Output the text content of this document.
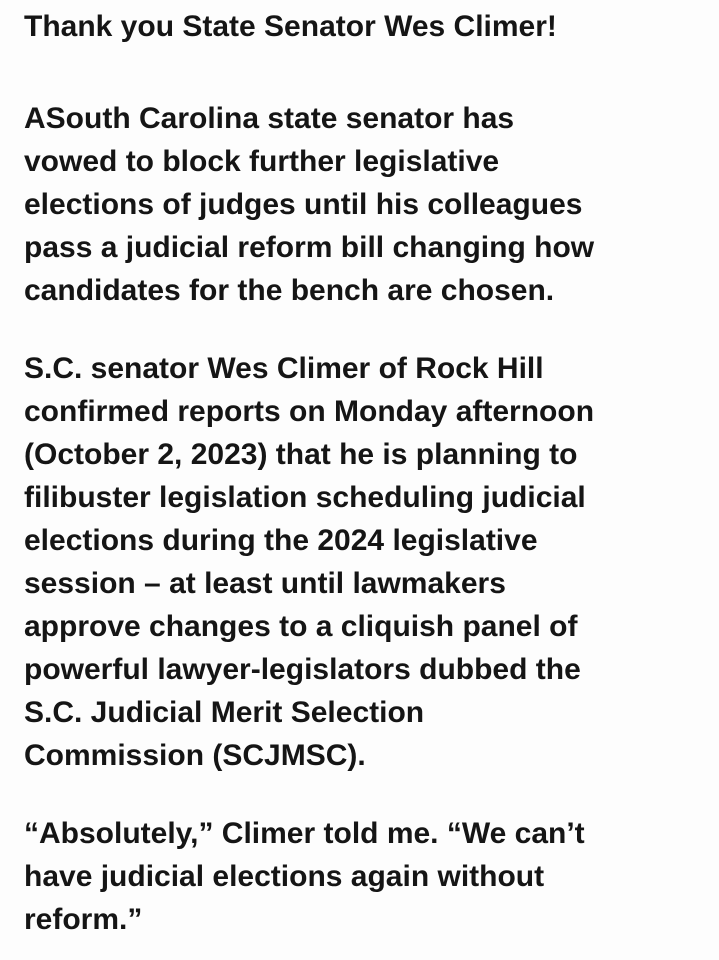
Thank you State Senator Wes Climer!

ASouth Carolina state senator has
vowed to block further legislative
elections of judges until his colleagues
pass a judicial reform bill changing how
candidates for the bench are chosen.

S.C. senator Wes Climer of Rock Hill
confirmed reports on Monday afternoon
(October 2, 2023) that he is planning to
filibuster legislation scheduling judicial
elections during the 2024 legislative
session – at least until lawmakers
approve changes to a cliquish panel of
powerful lawyer-legislators dubbed the
S.C. Judicial Merit Selection
Commission (SCJMSC).

“Absolutely,” Climer told me. “We can’t
have judicial elections again without
reform.”
